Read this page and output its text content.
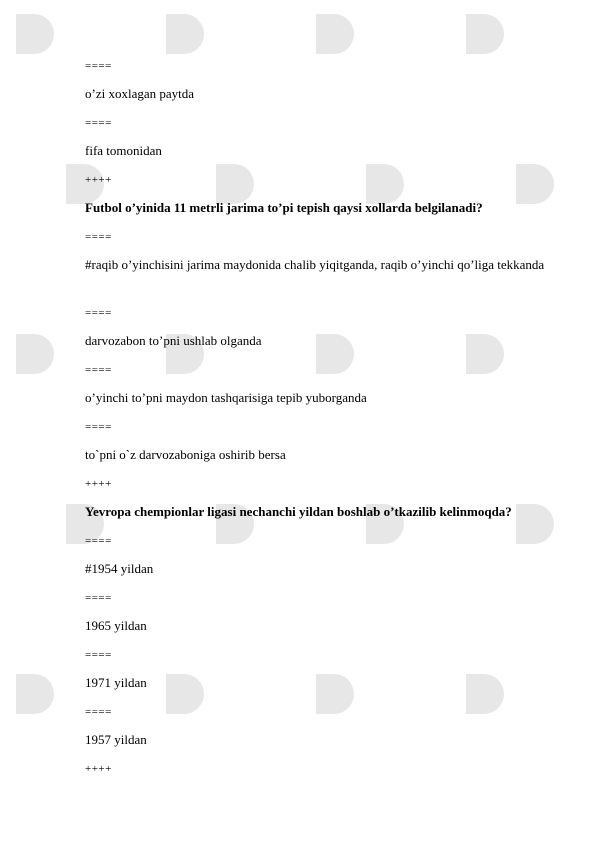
====
o’zi xoxlagan paytda
====
fifa tomonidan
++++
Futbol o’yinida 11 metrli jarima to’pi tepish qaysi xollarda belgilanadi?
====
#raqib o’yinchisini jarima maydonida chalib yiqitganda, raqib o’yinchi qo’liga tekkanda
====
darvozabon to’pni ushlab olganda
====
o’yinchi to’pni maydon tashqarisiga tepib yuborganda
====
to`pni o`z darvozaboniga oshirib bersa
++++
Yevropa chempionlar ligasi nechanchi yildan boshlab o’tkazilib kelinmoqda?
====
#1954 yildan
====
1965 yildan
====
1971 yildan
====
1957 yildan
++++
